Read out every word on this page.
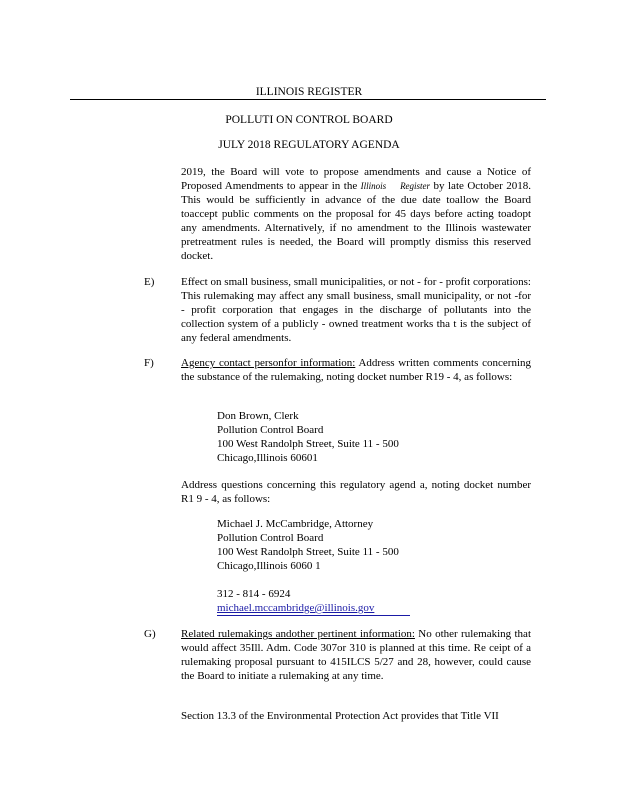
ILLINOIS REGISTER
POLLUTI ON CONTROL BOARD
JULY 2018 REGULATORY AGENDA

2019, the Board will vote to propose amendments and cause a Notice of Proposed Amendments to appear in the Illinois Register by late October 2018. This would be sufficiently in advance of the due date toallow the Board toaccept public comments on the proposal for 45 days before acting toadopt any amendments. Alternatively, if no amendment to the Illinois wastewater pretreatment rules is needed, the Board will promptly dismiss this reserved docket.

E) Effect on small business, small municipalities, or not - for - profit corporations: This rulemaking may affect any small business, small municipality, or not -for - profit corporation that engages in the discharge of pollutants into the collection system of a publicly - owned treatment works tha t is the subject of any federal amendments.

F) Agency contact personfor information: Address written comments concerning the substance of the rulemaking, noting docket number R19 - 4, as follows:

Don Brown, Clerk
Pollution Control Board
100 West Randolph Street, Suite 11 - 500
Chicago,Illinois 60601

Address questions concerning this regulatory agend a, noting docket number R1 9 - 4, as follows:

Michael J. McCambridge, Attorney
Pollution Control Board
100 West Randolph Street, Suite 11 - 500
Chicago,Illinois 6060 1
312 - 814 - 6924
michael.mccambridge@illinois.gov
G) Related rulemakings andother pertinent information: No other rulemaking that would affect 35Ill. Adm. Code 307or 310 is planned at this time. Re ceipt of a rulemaking proposal pursuant to 415ILCS 5/27 and 28, however, could cause the Board to initiate a rulemaking at any time.

Section 13.3 of the Environmental Protection Act provides that Title VII
